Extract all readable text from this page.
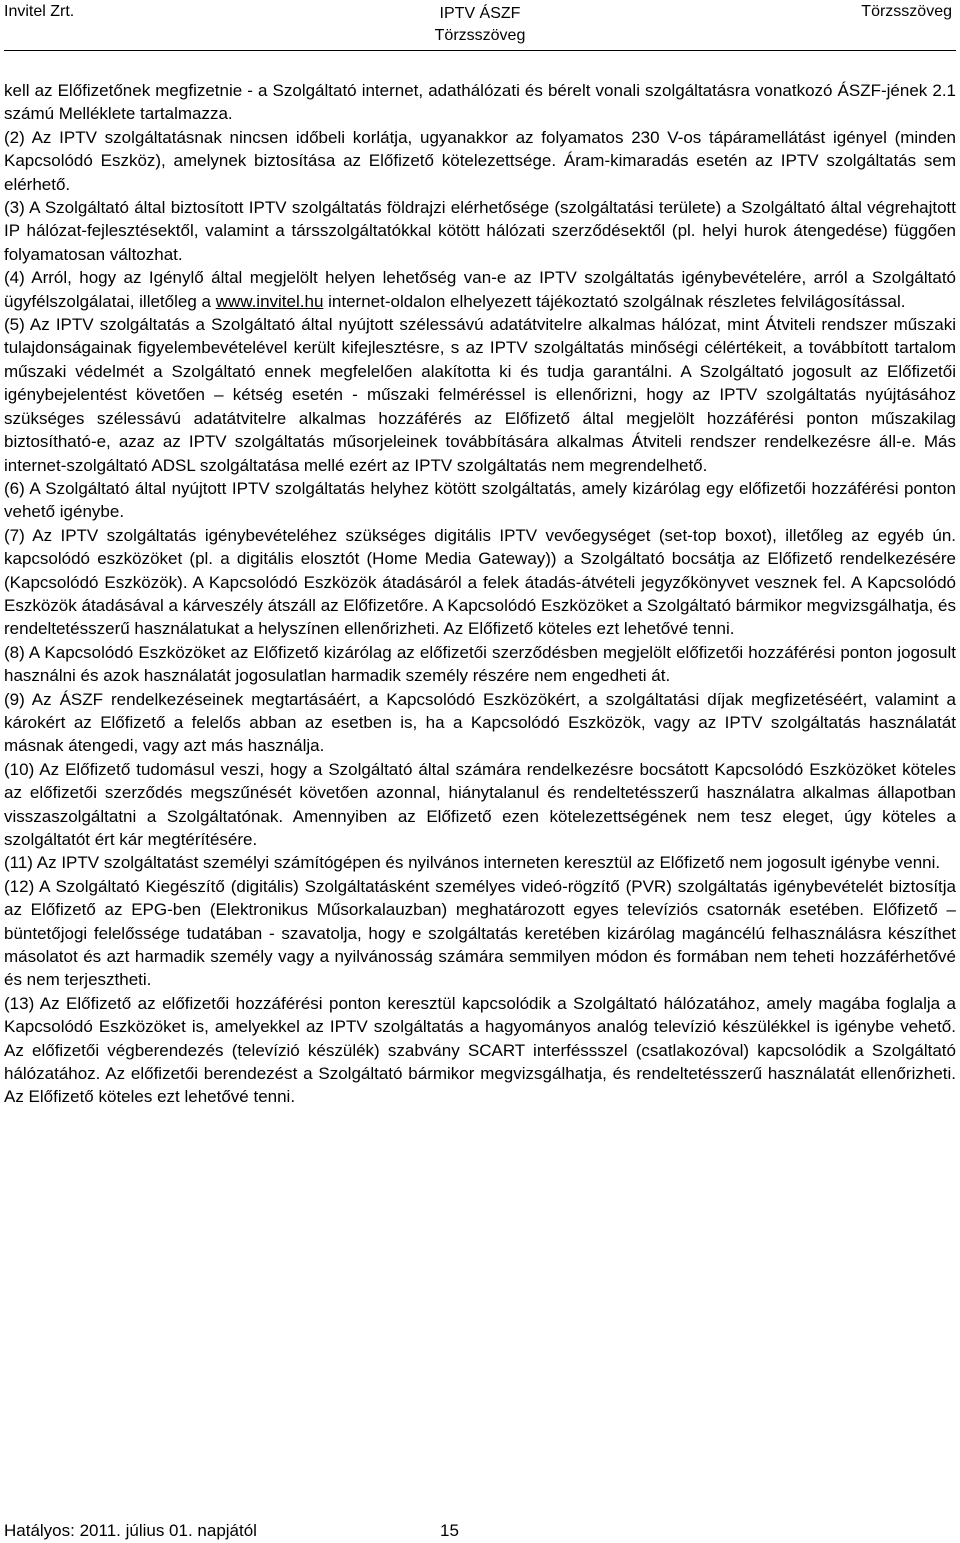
Invitel Zrt.	IPTV ÁSZF
Törzsszöveg
Törzsszöveg

kell az Előfizetőnek megfizetnie - a Szolgáltató internet, adathálózati és bérelt vonali szolgáltatásra vonatkozó ÁSZF-jének 2.1 számú Melléklete tartalmazza.

(2) Az IPTV szolgáltatásnak nincsen időbeli korlátja, ugyanakkor az folyamatos 230 V-os tápáramellátást igényel (minden Kapcsolódó Eszköz), amelynek biztosítása az Előfizető kötelezettsége. Áram-kimaradás esetén az IPTV szolgáltatás sem elérhető.

(3) A Szolgáltató által biztosított IPTV szolgáltatás földrajzi elérhetősége (szolgáltatási területe) a Szolgáltató által végrehajtott IP hálózat-fejlesztésektől, valamint a társszolgáltatókkal kötött hálózati szerződésektől (pl. helyi hurok átengedése) függően folyamatosan változhat.

(4) Arról, hogy az Igénylő által megjelölt helyen lehetőség van-e az IPTV szolgáltatás igénybevételére, arról a Szolgáltató ügyfélszolgálatai, illetőleg a www.invitel.hu internet-oldalon elhelyezett tájékoztató szolgálnak részletes felvilágosítással.

(5) Az IPTV szolgáltatás a Szolgáltató által nyújtott szélessávú adatátvitelre alkalmas hálózat, mint Átviteli rendszer műszaki tulajdonságainak figyelembevételével került kifejlesztésre, s az IPTV szolgáltatás minőségi célértékeit, a továbbított tartalom műszaki védelmét a Szolgáltató ennek megfelelően alakította ki és tudja garantálni. A Szolgáltató jogosult az Előfizetői igénybejelentést követően – kétség esetén - műszaki felméréssel is ellenőrizni, hogy az IPTV szolgáltatás nyújtásához szükséges szélessávú adatátvitelre alkalmas hozzáférés az Előfizető által megjelölt hozzáférési ponton műszakilag biztosítható-e, azaz az IPTV szolgáltatás műsorjeleinek továbbítására alkalmas Átviteli rendszer rendelkezésre áll-e. Más internet-szolgáltató ADSL szolgáltatása mellé ezért az IPTV szolgáltatás nem megrendelhető.

(6) A Szolgáltató által nyújtott IPTV szolgáltatás helyhez kötött szolgáltatás, amely kizárólag egy előfizetői hozzáférési ponton vehető igénybe.

(7) Az IPTV szolgáltatás igénybevételéhez szükséges digitális IPTV vevőegységet (set-top boxot), illetőleg az egyéb ún. kapcsolódó eszközöket (pl. a digitális elosztót (Home Media Gateway)) a Szolgáltató bocsátja az Előfizető rendelkezésére (Kapcsolódó Eszközök). A Kapcsolódó Eszközök átadásáról a felek átadás-átvételi jegyzőkönyvet vesznek fel. A Kapcsolódó Eszközök átadásával a kárveszély átszáll az Előfizetőre. A Kapcsolódó Eszközöket a Szolgáltató bármikor megvizsgálhatja, és rendeltetésszerű használatukat a helyszínen ellenőrizheti. Az Előfizető köteles ezt lehetővé tenni.

(8) A Kapcsolódó Eszközöket az Előfizető kizárólag az előfizetői szerződésben megjelölt előfizetői hozzáférési ponton jogosult használni és azok használatát jogosulatlan harmadik személy részére nem engedheti át.

(9) Az ÁSZF rendelkezéseinek megtartásáért, a Kapcsolódó Eszközökért, a szolgáltatási díjak megfizetéséért, valamint a károkért az Előfizető a felelős abban az esetben is, ha a Kapcsolódó Eszközök, vagy az IPTV szolgáltatás használatát másnak átengedi, vagy azt más használja.

(10) Az Előfizető tudomásul veszi, hogy a Szolgáltató által számára rendelkezésre bocsátott Kapcsolódó Eszközöket köteles az előfizetői szerződés megszűnését követően azonnal, hiánytalanul és rendeltetésszerű használatra alkalmas állapotban visszaszolgáltatni a Szolgáltatónak. Amennyiben az Előfizető ezen kötelezettségének nem tesz eleget, úgy köteles a szolgáltatót ért kár megtérítésére.

(11) Az IPTV szolgáltatást személyi számítógépen és nyilvános interneten keresztül az Előfizető nem jogosult igénybe venni.

(12) A Szolgáltató Kiegészítő (digitális) Szolgáltatásként személyes videó-rögzítő (PVR) szolgáltatás igénybevételét biztosítja az Előfizető az EPG-ben (Elektronikus Műsorkalauzban) meghatározott egyes televíziós csatornák esetében. Előfizető – büntetőjogi felelőssége tudatában - szavatolja, hogy e szolgáltatás keretében kizárólag magáncélú felhasználásra készíthet másolatot és azt harmadik személy vagy a nyilvánosság számára semmilyen módon és formában nem teheti hozzáférhetővé és nem terjesztheti.

(13) Az Előfizető az előfizetői hozzáférési ponton keresztül kapcsolódik a Szolgáltató hálózatához, amely magába foglalja a Kapcsolódó Eszközöket is, amelyekkel az IPTV szolgáltatás a hagyományos analóg televízió készülékkel is igénybe vehető. Az előfizetői végberendezés (televízió készülék) szabvány SCART interféssszel (csatlakozóval) kapcsolódik a Szolgáltató hálózatához. Az előfizetői berendezést a Szolgáltató bármikor megvizsgálhatja, és rendeltetésszerű használatát ellenőrizheti. Az Előfizető köteles ezt lehetővé tenni.

Hatályos: 2011. július 01. napjától	15
